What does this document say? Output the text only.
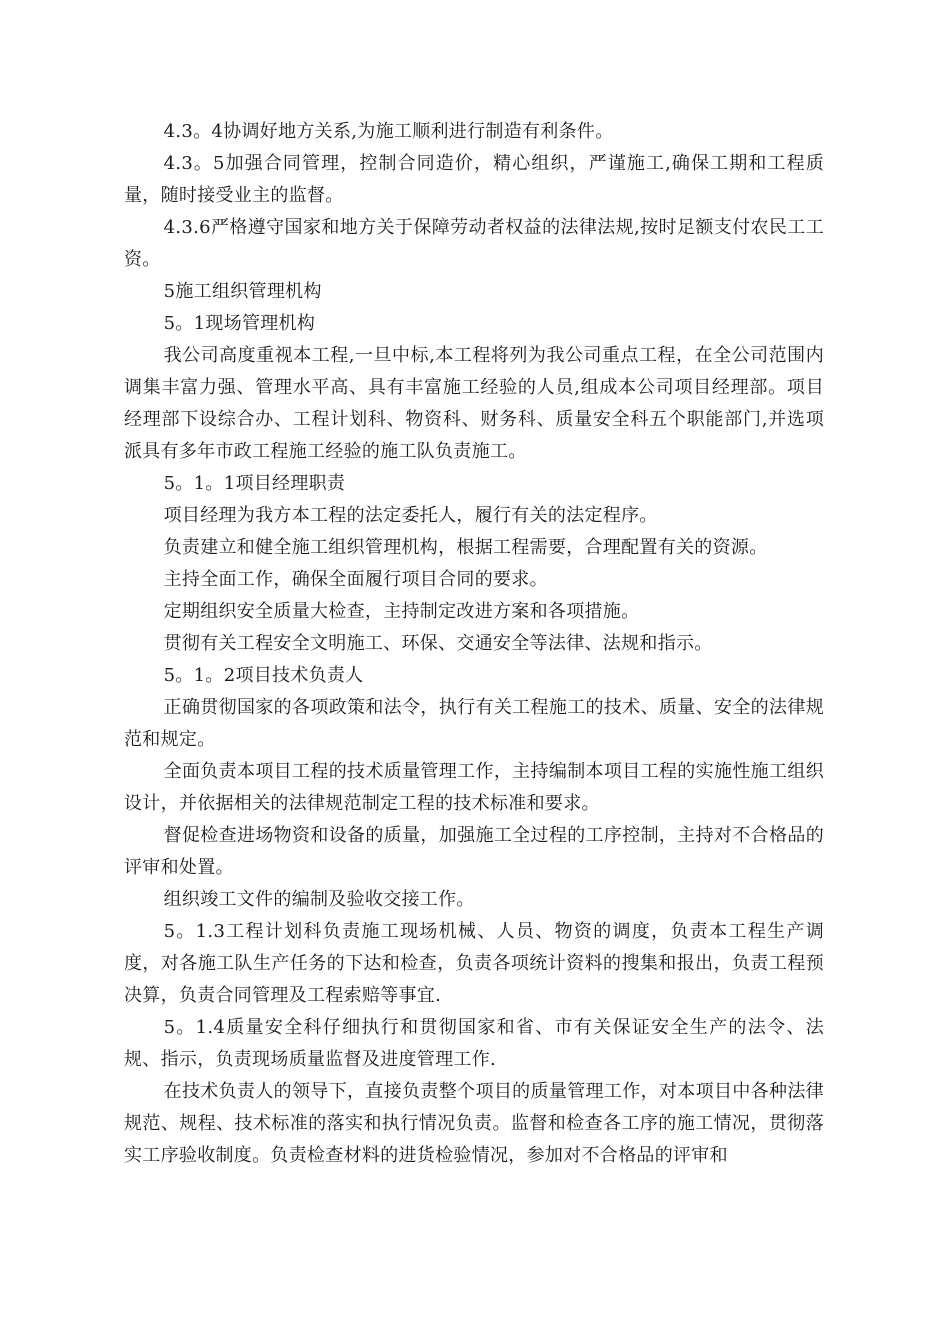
4.3。4协调好地方关系,为施工顺利进行制造有利条件。

4.3。5加强合同管理，控制合同造价，精心组织，严谨施工,确保工期和工程质量，随时接受业主的监督。

4.3.6严格遵守国家和地方关于保障劳动者权益的法律法规,按时足额支付农民工工资。

5施工组织管理机构

5。1现场管理机构

我公司高度重视本工程,一旦中标,本工程将列为我公司重点工程，在全公司范围内调集丰富力强、管理水平高、具有丰富施工经验的人员,组成本公司项目经理部。项目经理部下设综合办、工程计划科、物资科、财务科、质量安全科五个职能部门,并选项派具有多年市政工程施工经验的施工队负责施工。

5。1。1项目经理职责

项目经理为我方本工程的法定委托人，履行有关的法定程序。

负责建立和健全施工组织管理机构，根据工程需要，合理配置有关的资源。

主持全面工作，确保全面履行项目合同的要求。

定期组织安全质量大检查，主持制定改进方案和各项措施。

贯彻有关工程安全文明施工、环保、交通安全等法律、法规和指示。

5。1。2项目技术负责人

正确贯彻国家的各项政策和法令，执行有关工程施工的技术、质量、安全的法律规范和规定。

全面负责本项目工程的技术质量管理工作，主持编制本项目工程的实施性施工组织设计，并依据相关的法律规范制定工程的技术标准和要求。

督促检查进场物资和设备的质量，加强施工全过程的工序控制，主持对不合格品的评审和处置。

组织竣工文件的编制及验收交接工作。

5。1.3工程计划科负责施工现场机械、人员、物资的调度，负责本工程生产调度，对各施工队生产任务的下达和检查，负责各项统计资料的搜集和报出，负责工程预决算，负责合同管理及工程索赔等事宜.

5。1.4质量安全科仔细执行和贯彻国家和省、市有关保证安全生产的法令、法规、指示，负责现场质量监督及进度管理工作.

在技术负责人的领导下，直接负责整个项目的质量管理工作，对本项目中各种法律规范、规程、技术标准的落实和执行情况负责。监督和检查各工序的施工情况，贯彻落实工序验收制度。负责检查材料的进货检验情况，参加对不合格品的评审和
